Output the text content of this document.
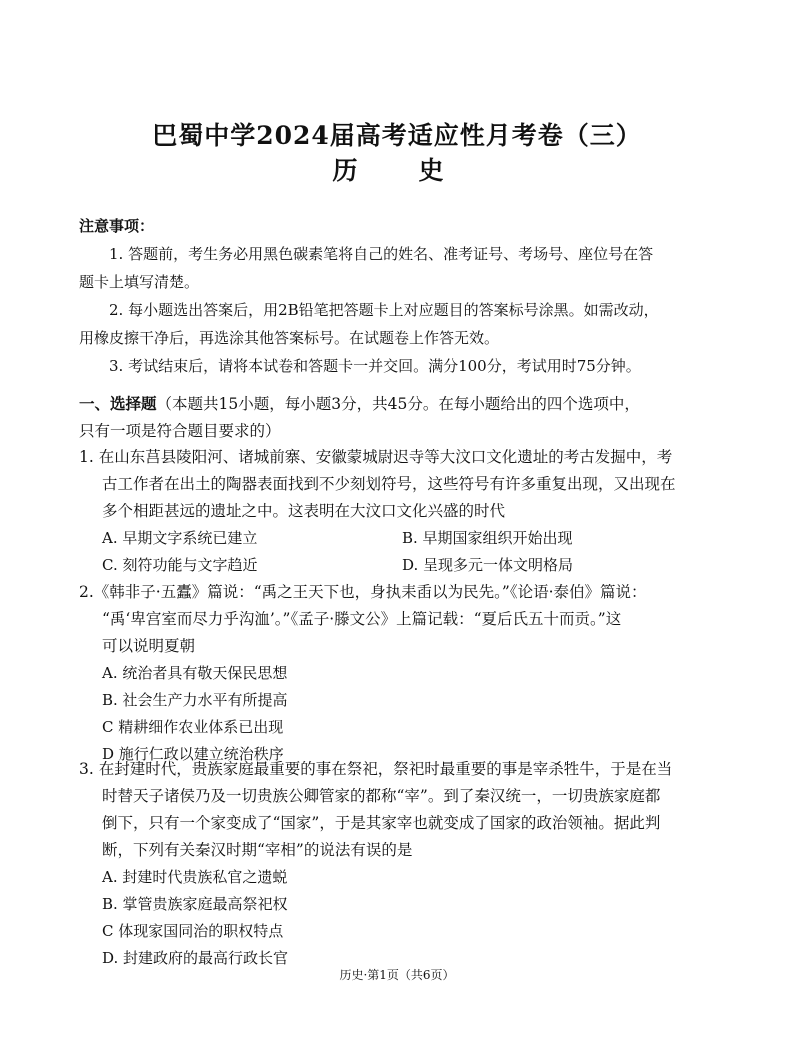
巴蜀中学2024届高考适应性月考卷（三）
历　史
注意事项：

1. 答题前，考生务必用黑色碳素笔将自己的姓名、准考证号、考场号、座位号在答

题卡上填写清楚。

2. 每小题选出答案后，用2B铅笔把答题卡上对应题目的答案标号涂黑。如需改动，

用橡皮擦干净后，再选涂其他答案标号。在试题卷上作答无效。

3. 考试结束后，请将本试卷和答题卡一并交回。满分100分，考试用时75分钟。

一、选择题（本题共15小题，每小题3分，共45分。在每小题给出的四个选项中，
只有一项是符合题目要求的）
1. 在山东莒县陵阳河、诸城前寨、安徽蒙城尉迟寺等大汶口文化遗址的考古发掘中，考
古工作者在出土的陶器表面找到不少刻划符号，这些符号有许多重复出现，又出现在
多个相距甚远的遗址之中。这表明在大汶口文化兴盛的时代
A. 早期文字系统已建立	B. 早期国家组织开始出现
C. 刻符功能与文字趋近	D. 呈现多元一体文明格局
2.《韩非子·五蠹》篇说：“禹之王天下也，身执耒臿以为民先。”《论语·泰伯》篇说：
“禹‘卑宫室而尽力乎沟洫’。”《孟子·滕文公》上篇记载：“夏后氏五十而贡。”这
可以说明夏朝
A. 统治者具有敬天保民思想
B. 社会生产力水平有所提高
C 精耕细作农业体系已出现
D 施行仁政以建立统治秩序
3. 在封建时代，贵族家庭最重要的事在祭祀，祭祀时最重要的事是宰杀牲牛，于是在当
时替天子诸侯乃及一切贵族公卿管家的都称“宰”。到了秦汉统一，一切贵族家庭都
倒下，只有一个家变成了“国家”，于是其家宰也就变成了国家的政治领袖。据此判
断，下列有关秦汉时期“宰相”的说法有误的是
A. 封建时代贵族私官之遗蜕
B. 掌管贵族家庭最高祭祀权
C 体现家国同治的职权特点
D. 封建政府的最高行政长官
历史·第1页（共6页）
